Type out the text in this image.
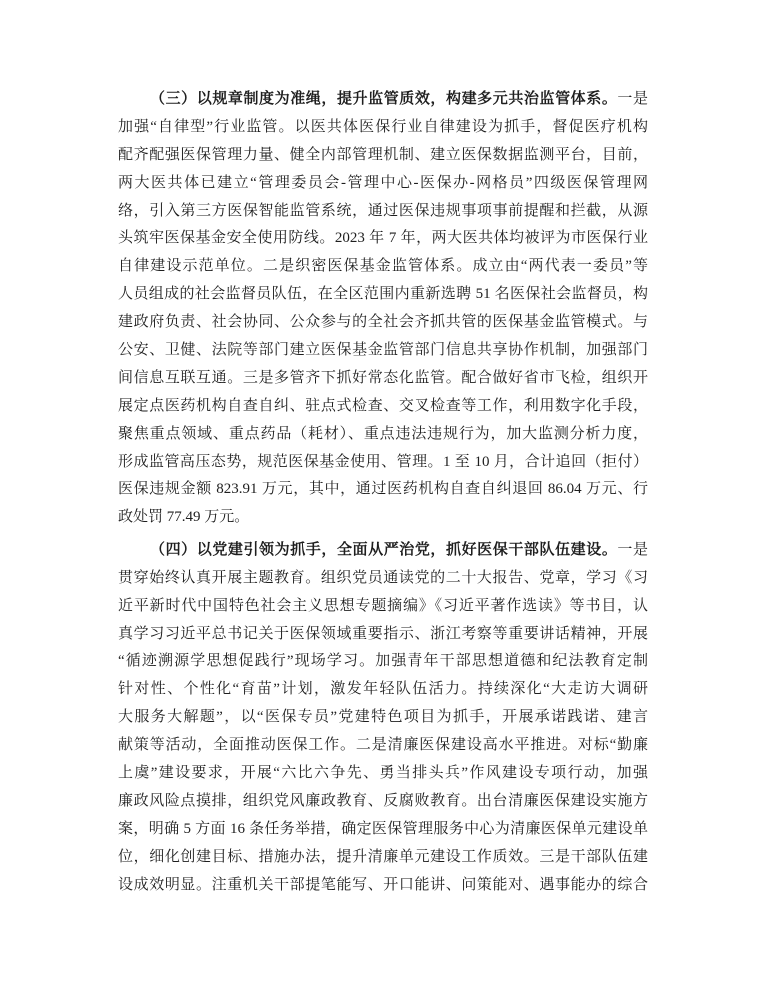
（三）以规章制度为准绳，提升监管质效，构建多元共治监管体系。一是
加强“自律型”行业监管。以医共体医保行业自律建设为抓手，督促医疗机构
配齐配强医保管理力量、健全内部管理机制、建立医保数据监测平台，目前，
两大医共体已建立“管理委员会-管理中心-医保办-网格员”四级医保管理网
络，引入第三方医保智能监管系统，通过医保违规事项事前提醒和拦截，从源
头筑牢医保基金安全使用防线。2023 年 7 年，两大医共体均被评为市医保行业
自律建设示范单位。二是织密医保基金监管体系。成立由“两代表一委员”等
人员组成的社会监督员队伍，在全区范围内重新选聘 51 名医保社会监督员，构
建政府负责、社会协同、公众参与的全社会齐抓共管的医保基金监管模式。与
公安、卫健、法院等部门建立医保基金监管部门信息共享协作机制，加强部门
间信息互联互通。三是多管齐下抓好常态化监管。配合做好省市飞检，组织开
展定点医药机构自查自纠、驻点式检查、交叉检查等工作，利用数字化手段，
聚焦重点领域、重点药品（耗材）、重点违法违规行为，加大监测分析力度，
形成监管高压态势，规范医保基金使用、管理。1 至 10 月，合计追回（拒付）
医保违规金额 823.91 万元，其中，通过医药机构自查自纠退回 86.04 万元、行
政处罚 77.49 万元。
（四）以党建引领为抓手，全面从严治党，抓好医保干部队伍建设。一是
贯穿始终认真开展主题教育。组织党员通读党的二十大报告、党章，学习《习
近平新时代中国特色社会主义思想专题摘编》《习近平著作选读》等书目，认
真学习习近平总书记关于医保领域重要指示、浙江考察等重要讲话精神，开展
“循迹溯源学思想促践行”现场学习。加强青年干部思想道德和纪法教育定制
针对性、个性化“育苗”计划，激发年轻队伍活力。持续深化“大走访大调研
大服务大解题”，以“医保专员”党建特色项目为抓手，开展承诺践诺、建言
献策等活动，全面推动医保工作。二是清廉医保建设高水平推进。对标“勤廉
上虞”建设要求，开展“六比六争先、勇当排头兵”作风建设专项行动，加强
廉政风险点摸排，组织党风廉政教育、反腐败教育。出台清廉医保建设实施方
案，明确 5 方面 16 条任务举措，确定医保管理服务中心为清廉医保单元建设单
位，细化创建目标、措施办法，提升清廉单元建设工作质效。三是干部队伍建
设成效明显。注重机关干部提笔能写、开口能讲、问策能对、遇事能办的综合
